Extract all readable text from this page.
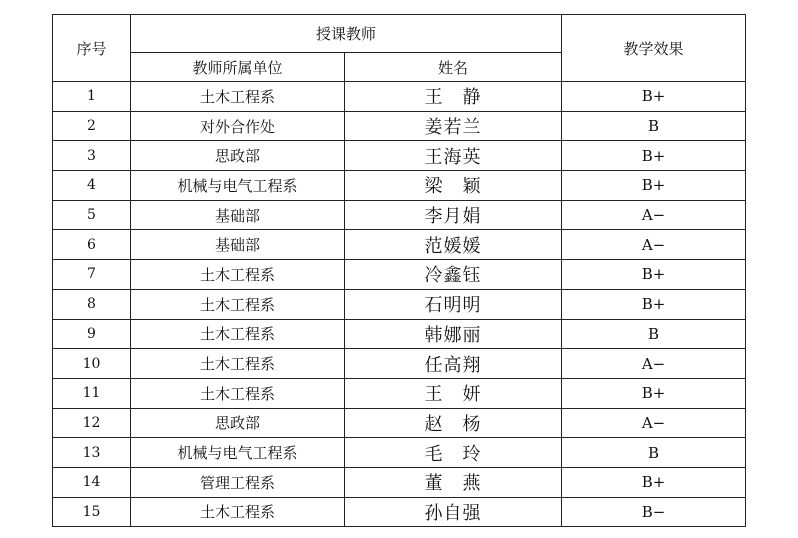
序号	授课教师		教学效果
	教师所属单位	姓名	
1	土木工程系	王　静	B+
2	对外合作处	姜若兰	B
3	思政部	王海英	B+
4	机械与电气工程系	梁　颖	B+
5	基础部	李月娟	A−
6	基础部	范媛媛	A−
7	土木工程系	冷鑫钰	B+
8	土木工程系	石明明	B+
9	土木工程系	韩娜丽	B
10	土木工程系	任高翔	A−
11	土木工程系	王　妍	B+
12	思政部	赵　杨	A−
13	机械与电气工程系	毛　玲	B
14	管理工程系	董　燕	B+
15	土木工程系	孙自强	B−
